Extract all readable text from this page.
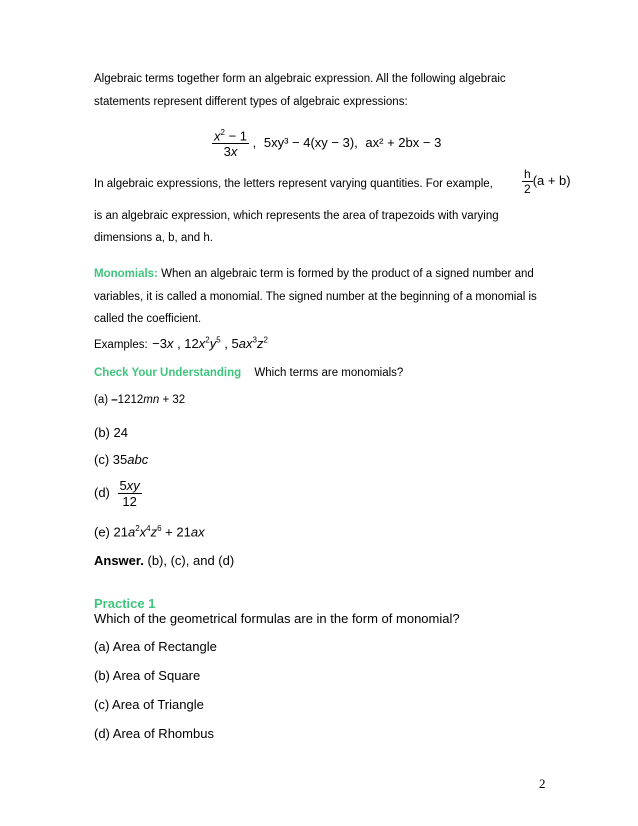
Algebraic terms together form an algebraic expression. All the following algebraic
statements represent different types of algebraic expressions:
$\frac{x^2 - 1}{3x}$ , 5xy³ − 4(xy − 3), ax² + 2bx − 3
In algebraic expressions, the letters represent varying quantities. For example, $\frac{h}{2} (a + b)$
is an algebraic expression, which represents the area of trapezoids with varying
dimensions a, b, and h.
Monomials: When an algebraic term is formed by the product of a signed number and
variables, it is called a monomial. The signed number at the beginning of a monomial is
called the coefficient.
Examples: −3x , $12x^2y^5$ , $5ax^3z^2$
Check Your Understanding Which terms are monomials?
(a) –1212mn + 32
(b) 24
(c) 35abc
$(d) \frac{5xy}{12}$
(e) $21a^2x^4z^6 + 21ax$
Answer. (b), (c), and (d)
Practice 1
Which of the geometrical formulas are in the form of monomial?
(a) Area of Rectangle
(b) Area of Square
(c) Area of Triangle
(d) Area of Rhombus
2
